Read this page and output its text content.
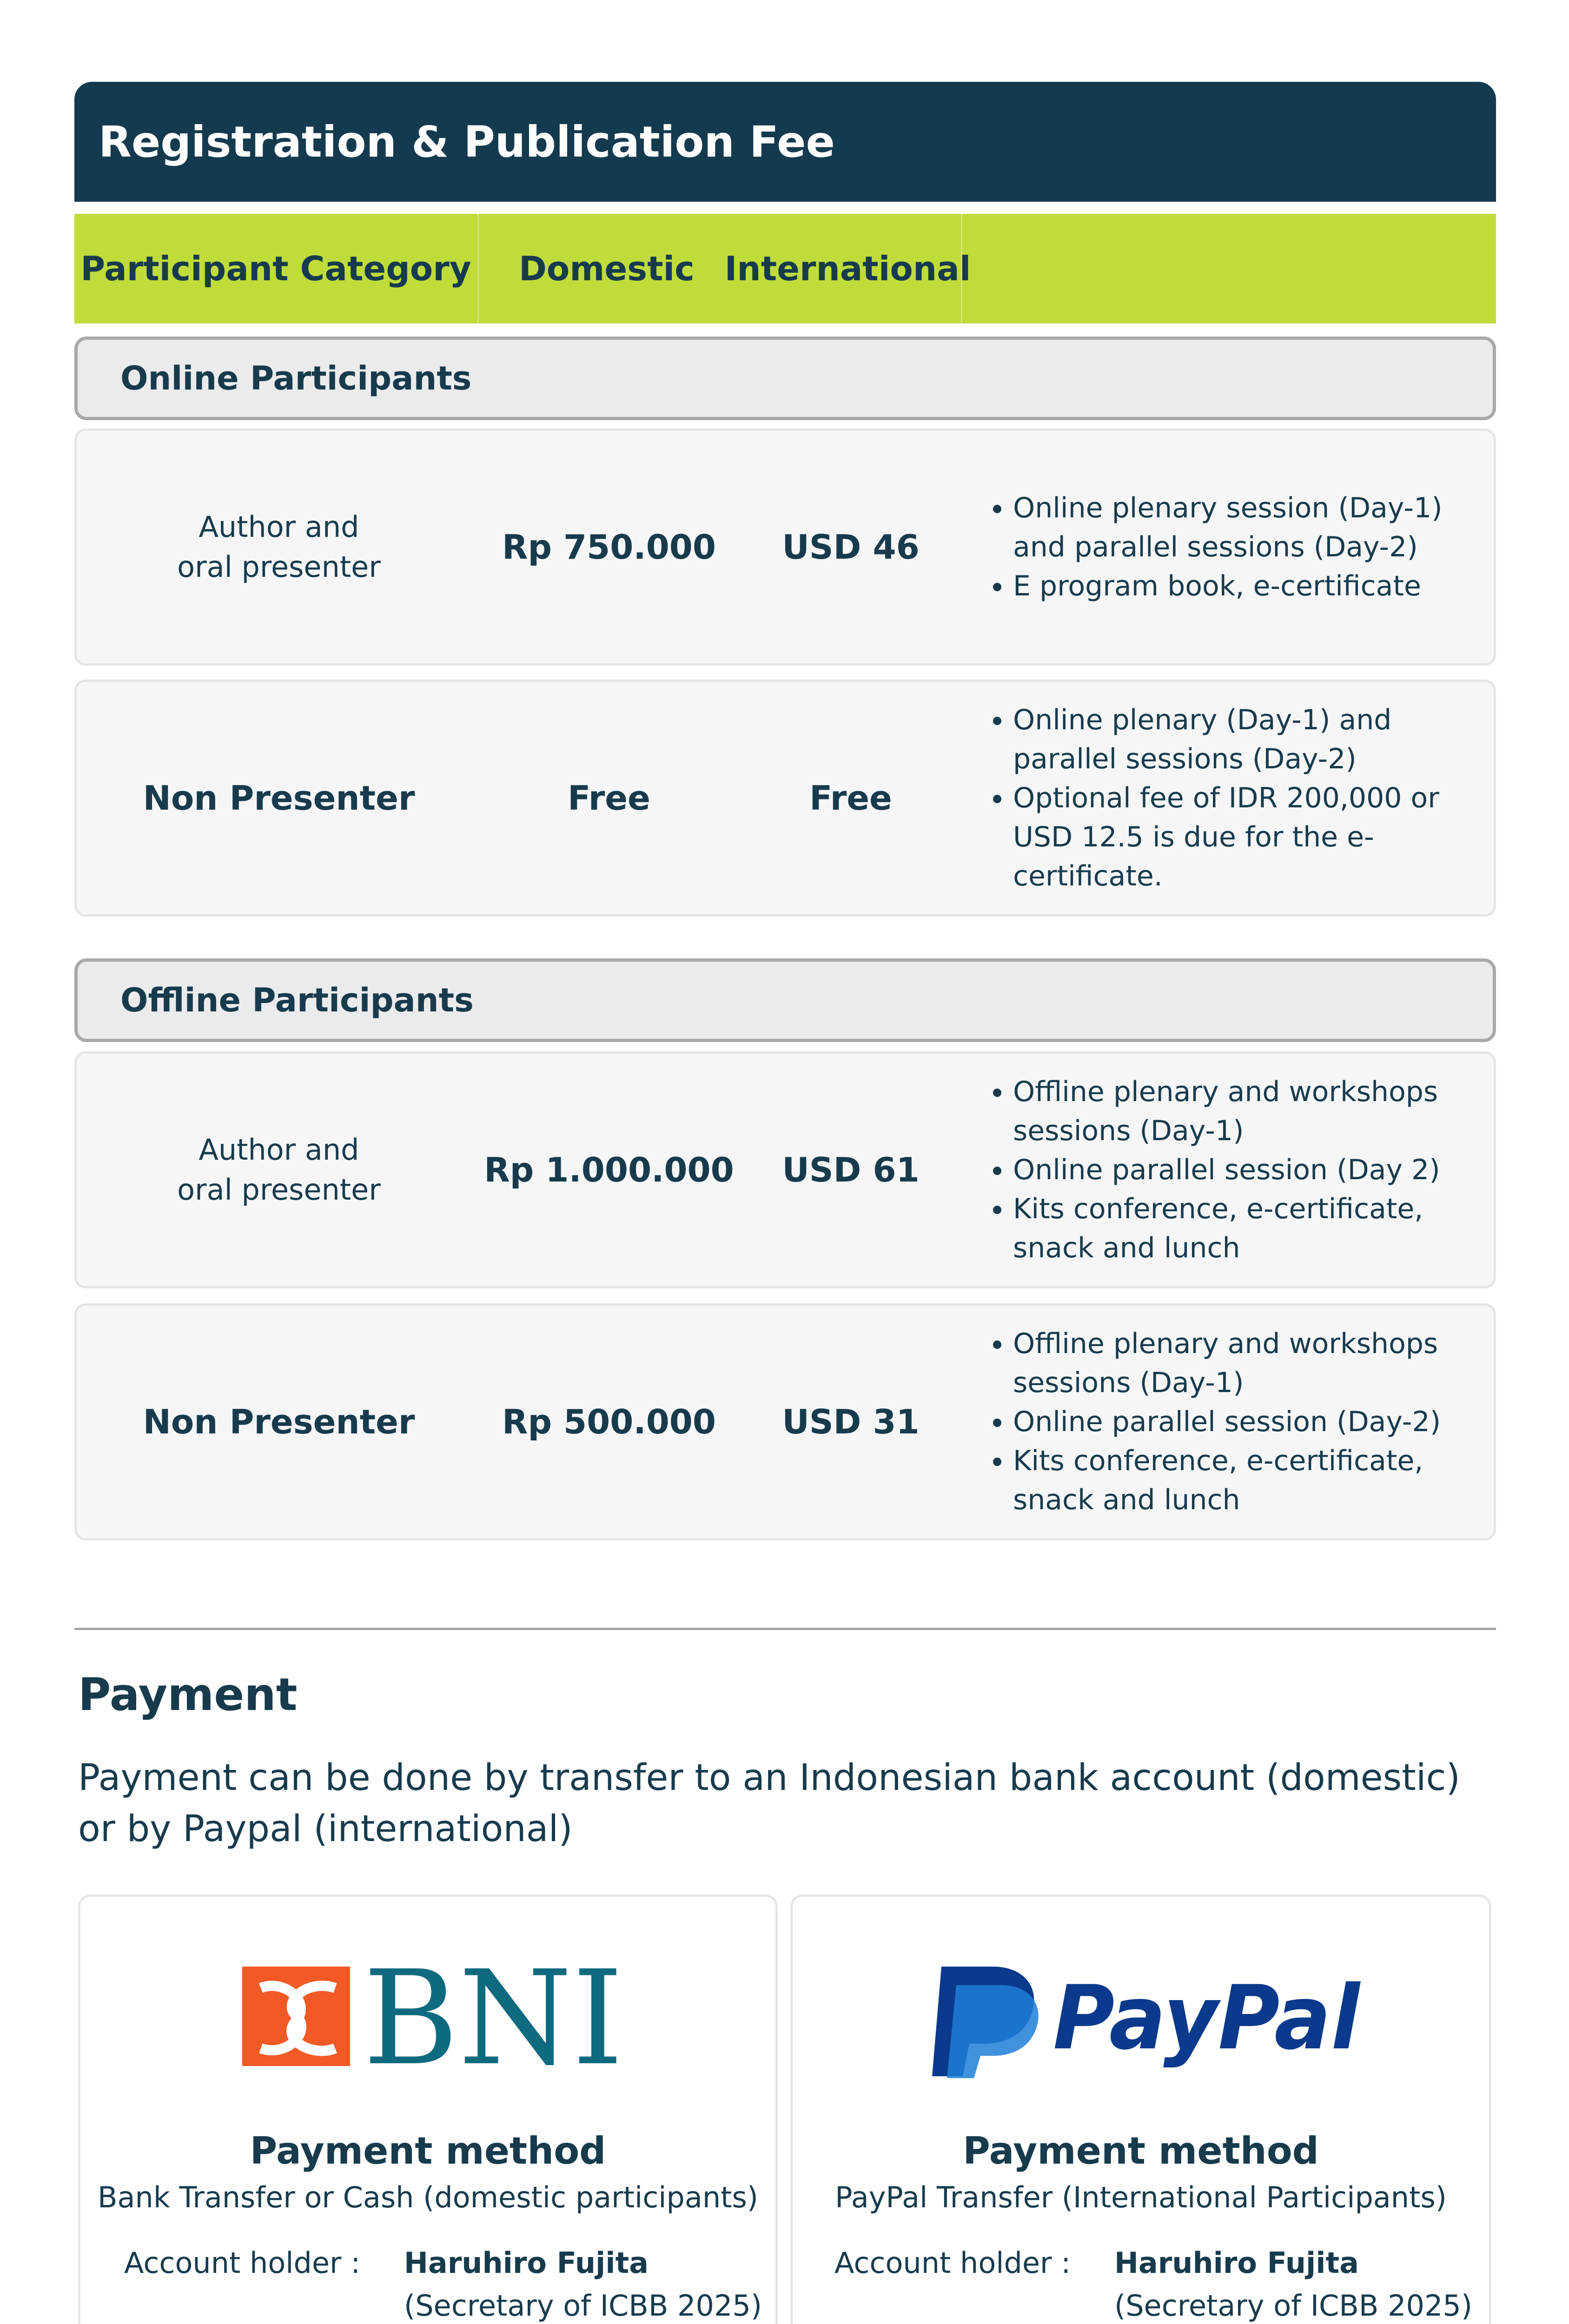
Registration & Publication Fee
Participant Category	Domestic International
Online Participants
Author and
oral presenter
Rp 750.000	USD 46
• Online plenary session (Day-1) and parallel sessions (Day-2)
• E program book, e-certificate
Non Presenter	Free	Free
• Online plenary (Day-1) and parallel sessions (Day-2)
• Optional fee of IDR 200,000 or USD 12.5 is due for the e-certificate.
Offline Participants
Author and
oral presenter
Rp 1.000.000	USD 61
• Offline plenary and workshops sessions (Day-1)
• Online parallel session (Day 2)
• Kits conference, e-certificate, snack and lunch
Non Presenter	Rp 500.000	USD 31
• Offline plenary and workshops sessions (Day-1)
• Online parallel session (Day-2)
• Kits conference, e-certificate, snack and lunch
Payment
Payment can be done by transfer to an Indonesian bank account (domestic) or by Paypal (international)
BNI
Payment method
Bank Transfer or Cash (domestic participants)
Account holder : Haruhiro Fujita
(Secretary of ICBB 2025)
PayPal
Payment method
PayPal Transfer (International Participants)
Account holder : Haruhiro Fujita
(Secretary of ICBB 2025)
